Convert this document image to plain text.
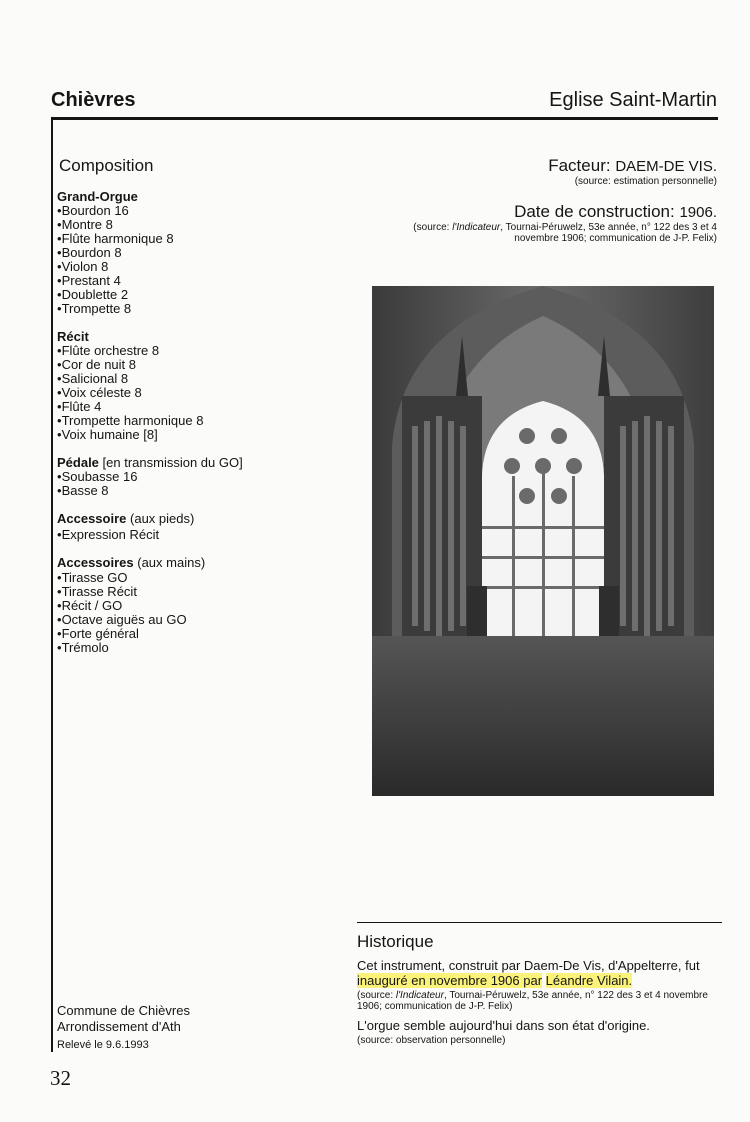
Chièvres	Eglise Saint-Martin
Composition
Grand-Orgue
• Bourdon 16
• Montre 8
• Flûte harmonique 8
• Bourdon 8
• Violon 8
• Prestant 4
• Doublette 2
• Trompette 8
Récit
• Flûte orchestre 8
• Cor de nuit 8
• Salicional 8
• Voix céleste 8
• Flûte 4
• Trompette harmonique 8
• Voix humaine [8]
Pédale [en transmission du GO]
• Soubasse 16
• Basse 8
Accessoire (aux pieds)
• Expression Récit
Accessoires (aux mains)
• Tirasse GO
• Tirasse Récit
• Récit / GO
• Octave aiguës au GO
• Forte général
• Trémolo
Facteur: DAEM-DE VIS.
(source: estimation personnelle)
Date de construction: 1906.
(source: l'Indicateur, Tournai-Péruwelz, 53e année, n° 122 des 3 et 4 novembre 1906; communication de J-P. Felix)
Historique

Cet instrument, construit par Daem-De Vis, d'Appelterre, fut inauguré en novembre 1906 par Léandre Vilain.

(source: l'Indicateur, Tournai-Péruwelz, 53e année, n° 122 des 3 et 4 novembre 1906; communication de J-P. Felix)

L'orgue semble aujourd'hui dans son état d'origine.

(source: observation personnelle)
Commune de Chièvres
Arrondissement d'Ath
Relevé le 9.6.1993
32
